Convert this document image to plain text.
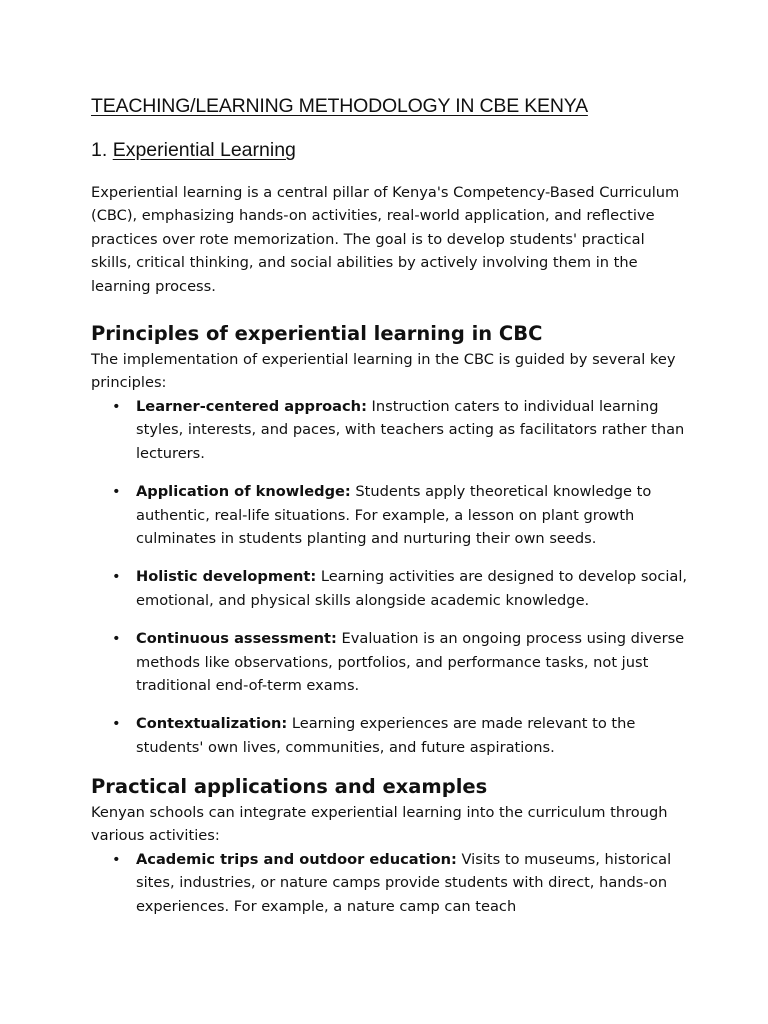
TEACHING/LEARNING METHODOLOGY IN CBE KENYA
1. Experiential Learning

Experiential learning is a central pillar of Kenya's Competency-Based Curriculum (CBC), emphasizing hands-on activities, real-world application, and reflective practices over rote memorization. The goal is to develop students' practical skills, critical thinking, and social abilities by actively involving them in the learning process.

Principles of experiential learning in CBC

The implementation of experiential learning in the CBC is guided by several key principles:

• Learner-centered approach: Instruction caters to individual learning styles, interests, and paces, with teachers acting as facilitators rather than lecturers.
• Application of knowledge: Students apply theoretical knowledge to authentic, real-life situations. For example, a lesson on plant growth culminates in students planting and nurturing their own seeds.
• Holistic development: Learning activities are designed to develop social, emotional, and physical skills alongside academic knowledge.
• Continuous assessment: Evaluation is an ongoing process using diverse methods like observations, portfolios, and performance tasks, not just traditional end-of-term exams.
• Contextualization: Learning experiences are made relevant to the students' own lives, communities, and future aspirations.
Practical applications and examples

Kenyan schools can integrate experiential learning into the curriculum through various activities:

• Academic trips and outdoor education: Visits to museums, historical sites, industries, or nature camps provide students with direct, hands-on experiences. For example, a nature camp can teach
